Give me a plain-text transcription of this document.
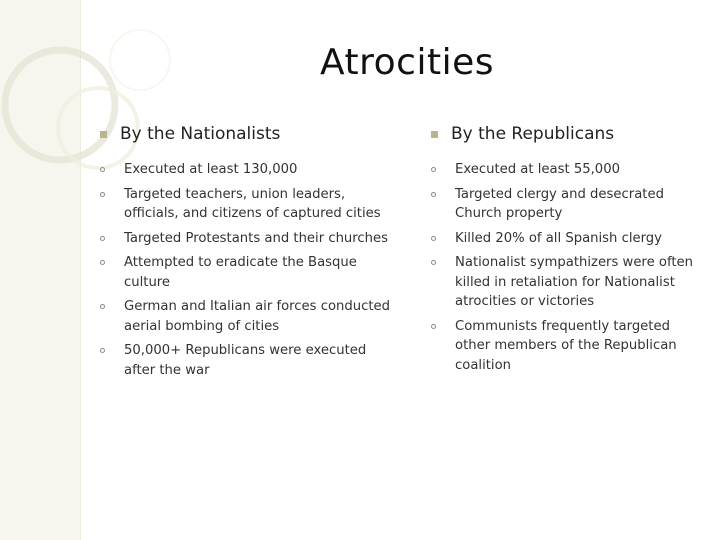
Atrocities
By the Nationalists
Executed at least 130,000
Targeted teachers, union leaders, officials, and citizens of captured cities
Targeted Protestants and their churches
Attempted to eradicate the Basque culture
German and Italian air forces conducted aerial bombing of cities
50,000+ Republicans were executed after the war
By the Republicans
Executed at least 55,000
Targeted clergy and desecrated Church property
Killed 20% of all Spanish clergy
Nationalist sympathizers were often killed in retaliation for Nationalist atrocities or victories
Communists frequently targeted other members of the Republican coalition
